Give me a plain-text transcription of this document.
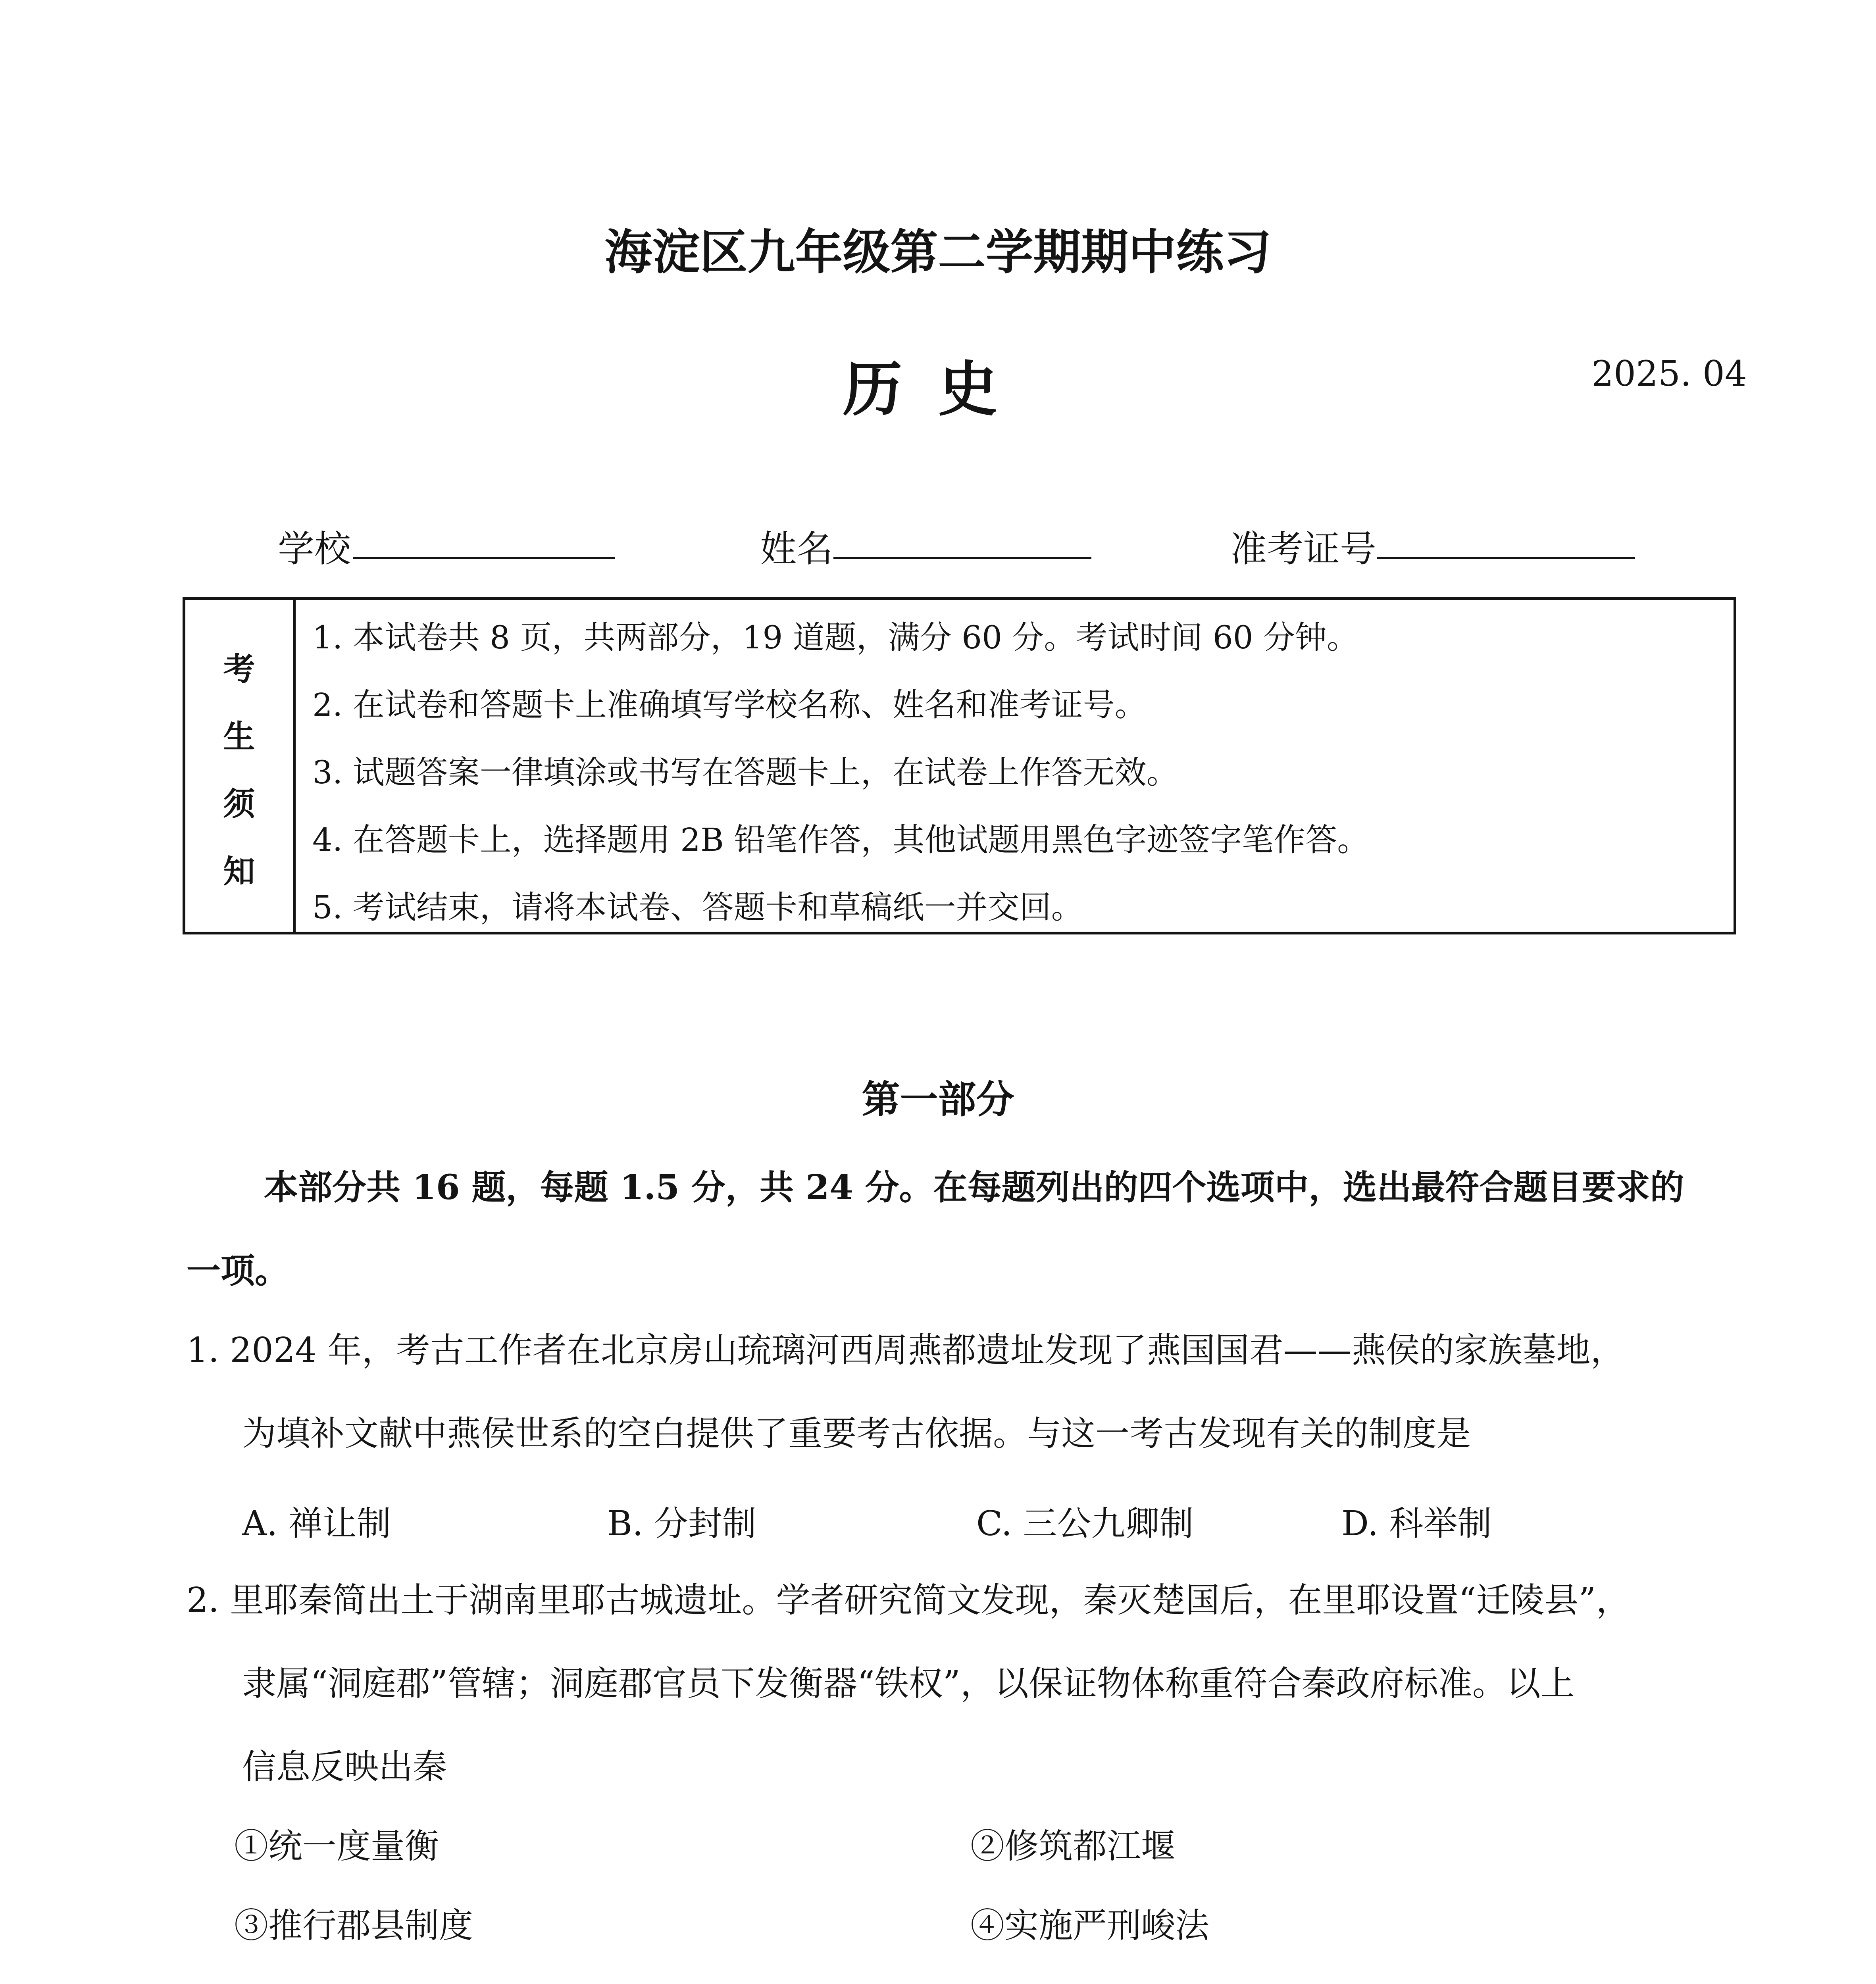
海淀区九年级第二学期期中练习
历史	2025. 04
学校	姓名	准考证号
考
生
须
知
1. 本试卷共 8 页，共两部分，19 道题，满分 60 分。考试时间 60 分钟。
2. 在试卷和答题卡上准确填写学校名称、姓名和准考证号。
3. 试题答案一律填涂或书写在答题卡上，在试卷上作答无效。
4. 在答题卡上，选择题用 2B 铅笔作答，其他试题用黑色字迹签字笔作答。
5. 考试结束，请将本试卷、答题卡和草稿纸一并交回。
第一部分
本部分共 16 题，每题 1.5 分，共 24 分。在每题列出的四个选项中，选出最符合题目要求的
一项。
1. 2024 年，考古工作者在北京房山琉璃河西周燕都遗址发现了燕国国君——燕侯的家族墓地，
为填补文献中燕侯世系的空白提供了重要考古依据。与这一考古发现有关的制度是
A. 禅让制	B. 分封制	C. 三公九卿制	D. 科举制
2. 里耶秦简出土于湖南里耶古城遗址。学者研究简文发现，秦灭楚国后，在里耶设置“迁陵县”，
隶属“洞庭郡”管辖；洞庭郡官员下发衡器“铁权”，以保证物体称重符合秦政府标准。以上
信息反映出秦
①统一度量衡	②修筑都江堰
③推行郡县制度	④实施严刑峻法
